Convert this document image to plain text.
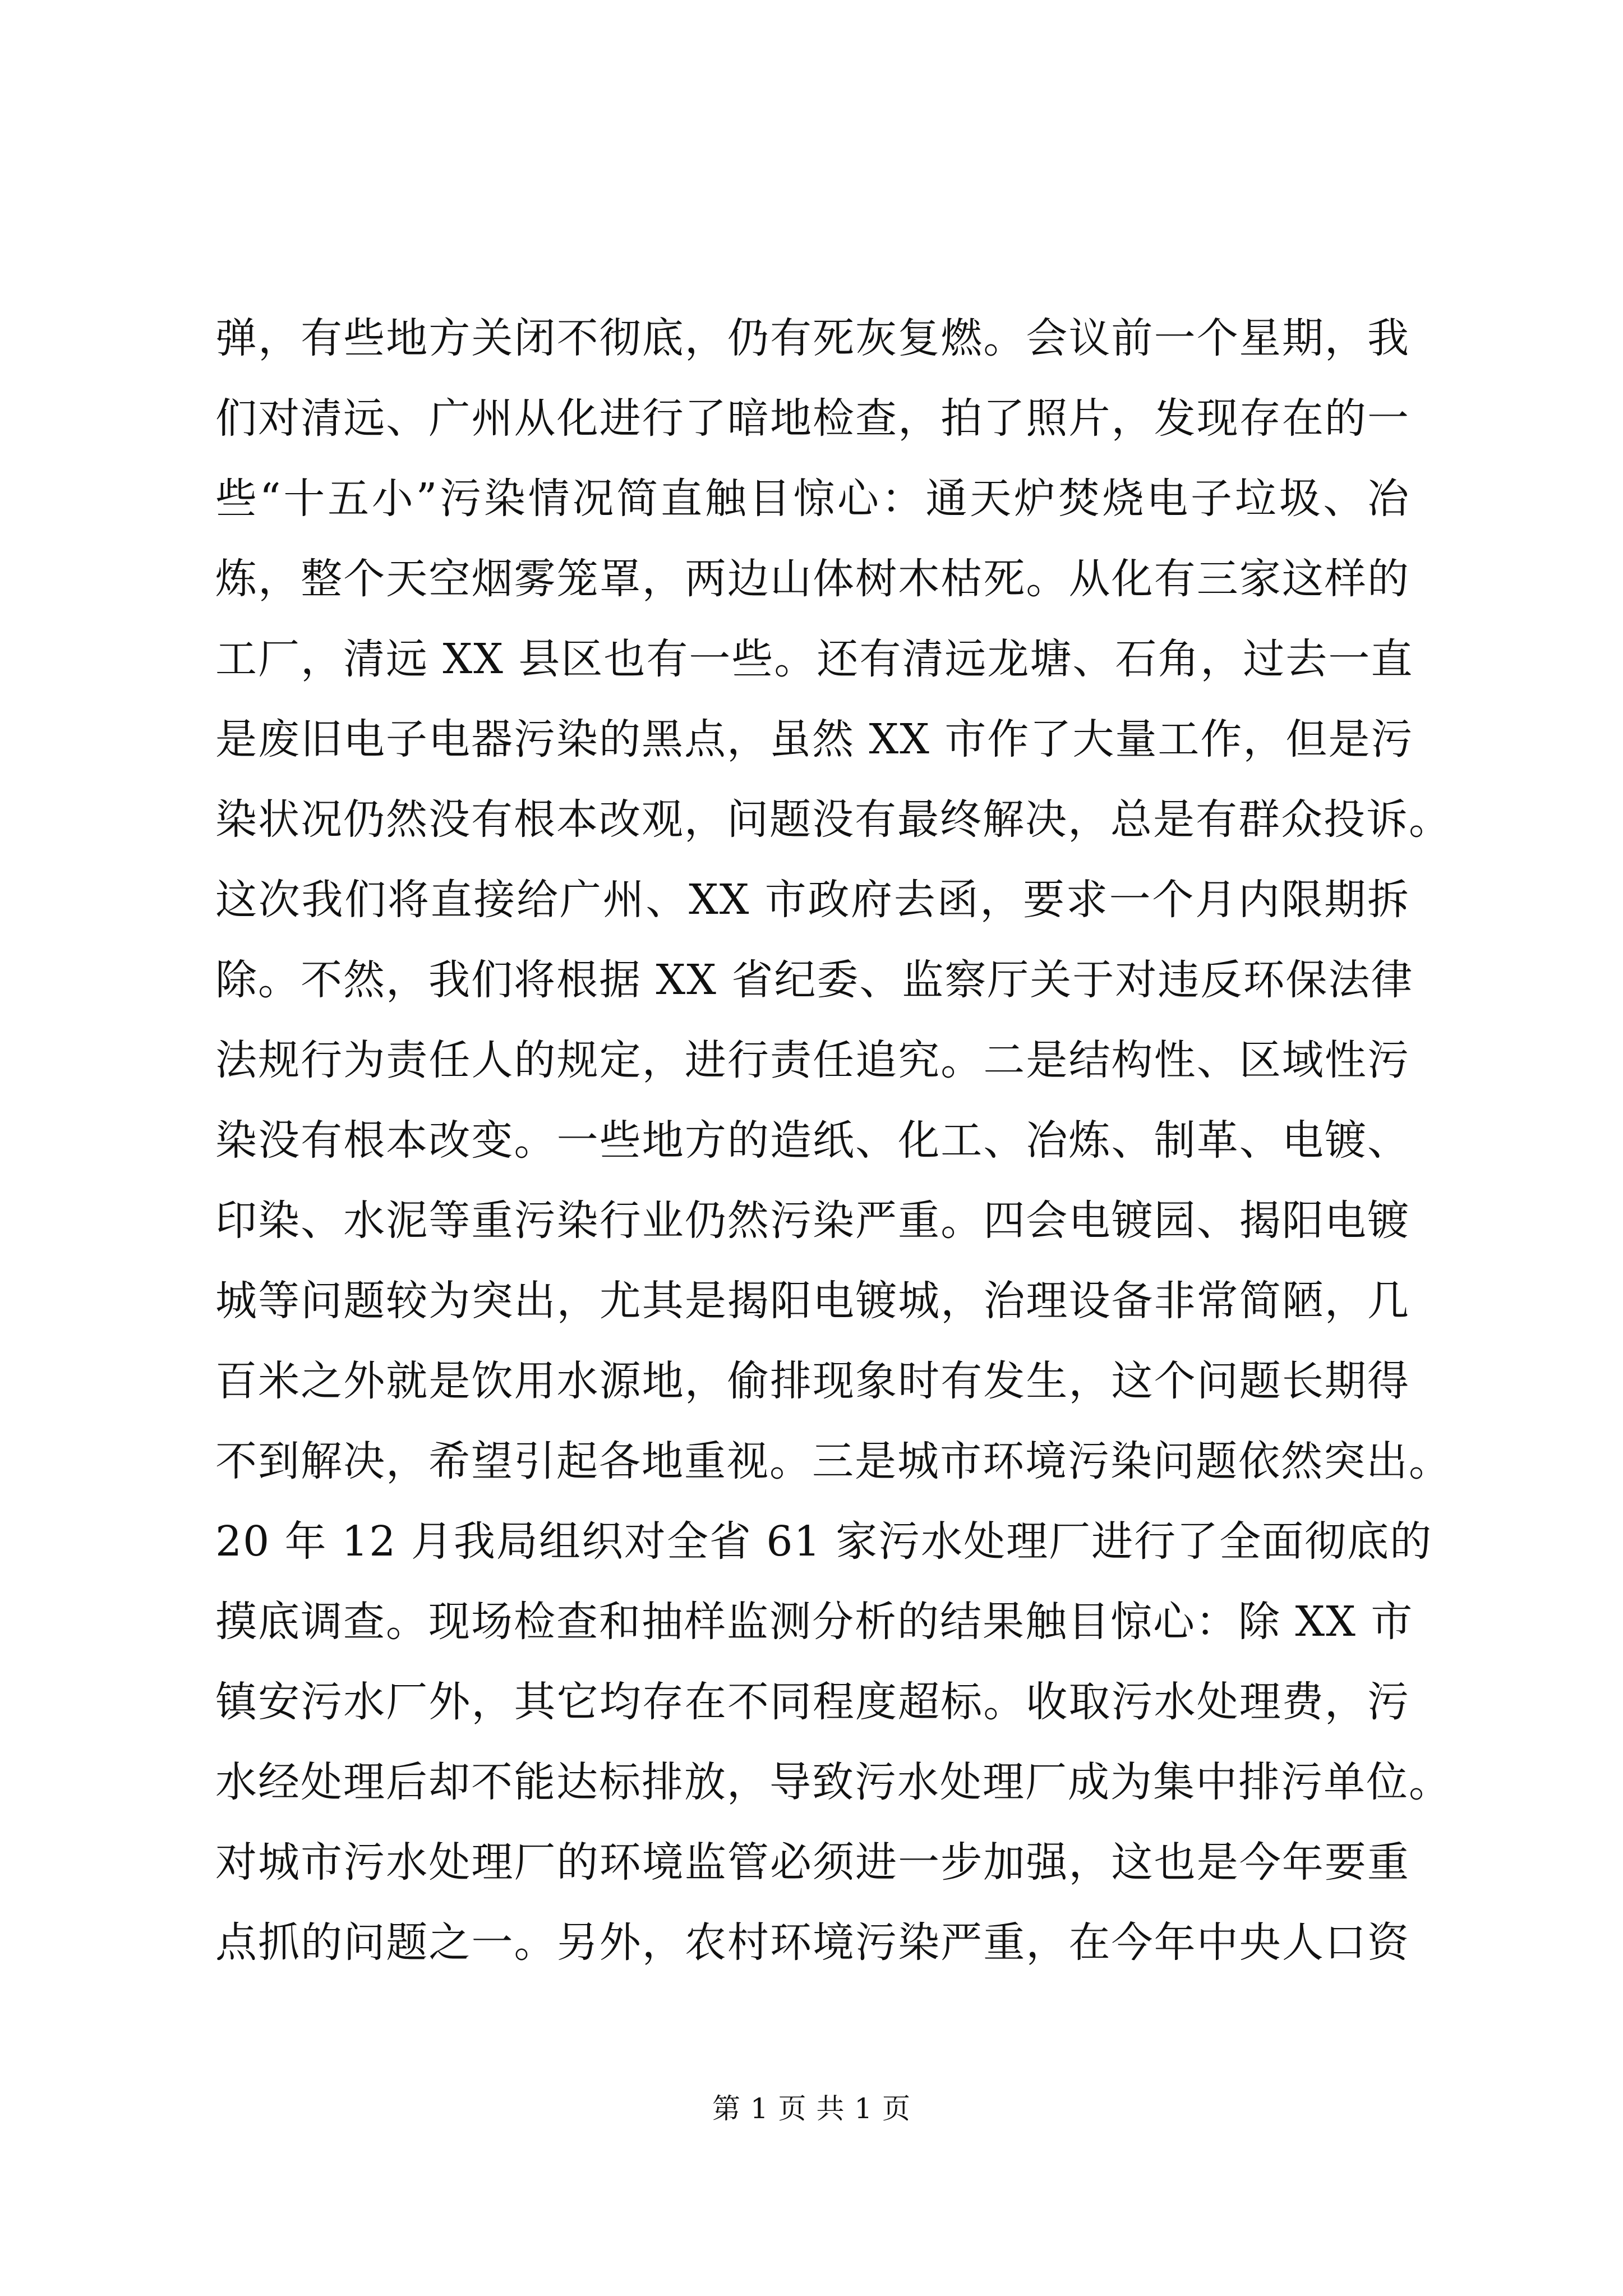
弹，有些地方关闭不彻底，仍有死灰复燃。会议前一个星期，我
们对清远、广州从化进行了暗地检查，拍了照片，发现存在的一
些“十五小”污染情况简直触目惊心：通天炉焚烧电子垃圾、冶
炼，整个天空烟雾笼罩，两边山体树木枯死。从化有三家这样的
工厂，清远 XX 县区也有一些。还有清远龙塘、石角，过去一直
是废旧电子电器污染的黑点，虽然 XX 市作了大量工作，但是污
染状况仍然没有根本改观，问题没有最终解决，总是有群众投诉。
这次我们将直接给广州、XX 市政府去函，要求一个月内限期拆
除。不然，我们将根据 XX 省纪委、监察厅关于对违反环保法律
法规行为责任人的规定，进行责任追究。二是结构性、区域性污
染没有根本改变。一些地方的造纸、化工、冶炼、制革、电镀、
印染、水泥等重污染行业仍然污染严重。四会电镀园、揭阳电镀
城等问题较为突出，尤其是揭阳电镀城，治理设备非常简陋，几
百米之外就是饮用水源地，偷排现象时有发生，这个问题长期得
不到解决，希望引起各地重视。三是城市环境污染问题依然突出。
20 年 12 月我局组织对全省 61 家污水处理厂进行了全面彻底的
摸底调查。现场检查和抽样监测分析的结果触目惊心：除 XX 市
镇安污水厂外，其它均存在不同程度超标。收取污水处理费，污
水经处理后却不能达标排放，导致污水处理厂成为集中排污单位。
对城市污水处理厂的环境监管必须进一步加强，这也是今年要重
点抓的问题之一。另外，农村环境污染严重，在今年中央人口资
第 1 页 共 1 页
